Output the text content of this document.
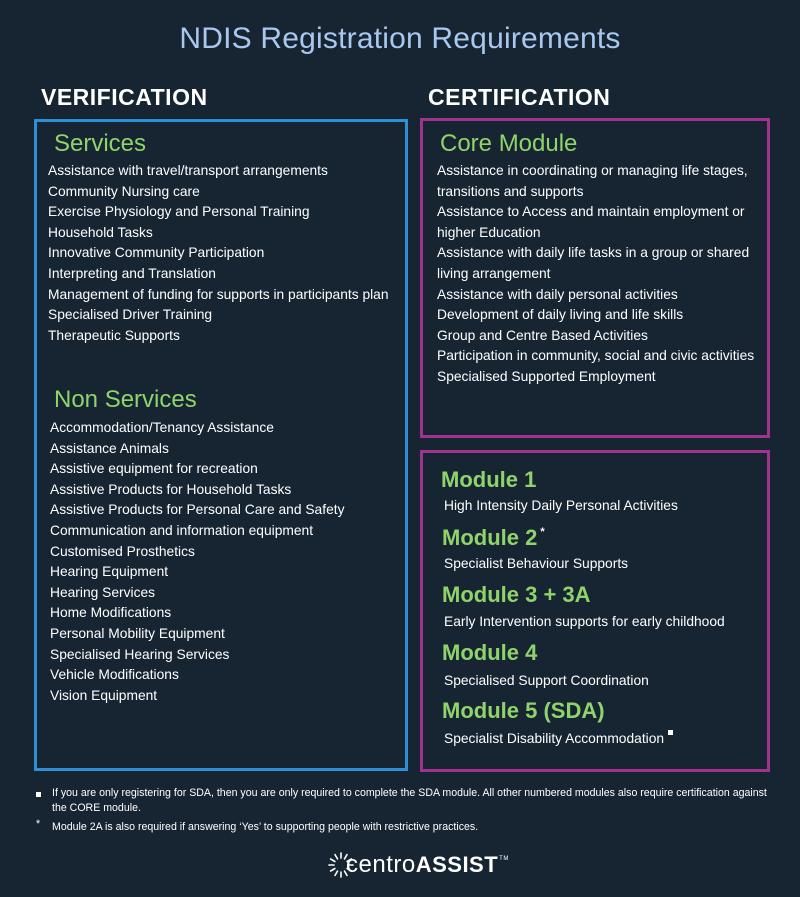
NDIS Registration Requirements
VERIFICATION	CERTIFICATION
Services
Assistance with travel/transport arrangements
Community Nursing care
Exercise Physiology and Personal Training
Household Tasks
Innovative Community Participation
Interpreting and Translation
Management of funding for supports in participants plan
Specialised Driver Training
Therapeutic Supports
Non Services
Accommodation/Tenancy Assistance
Assistance Animals
Assistive equipment for recreation
Assistive Products for Household Tasks
Assistive Products for Personal Care and Safety
Communication and information equipment
Customised Prosthetics
Hearing Equipment
Hearing Services
Home Modifications
Personal Mobility Equipment
Specialised Hearing Services
Vehicle Modifications
Vision Equipment
Core Module
Assistance in coordinating or managing life stages,
transitions and supports
Assistance to Access and maintain employment or
higher Education
Assistance with daily life tasks in a group or shared
living arrangement
Assistance with daily personal activities
Development of daily living and life skills
Group and Centre Based Activities
Participation in community, social and civic activities
Specialised Supported Employment
Module 1
High Intensity Daily Personal Activities
Module 2 *
Specialist Behaviour Supports
Module 3 + 3A
Early Intervention supports for early childhood
Module 4
Specialised Support Coordination
Module 5 (SDA)
Specialist Disability Accommodation
If you are only registering for SDA, then you are only required to complete the SDA module. All other numbered modules also require certification against the CORE module.
* Module 2A is also required if answering ‘Yes’ to supporting people with restrictive practices.
centroASSIST™
